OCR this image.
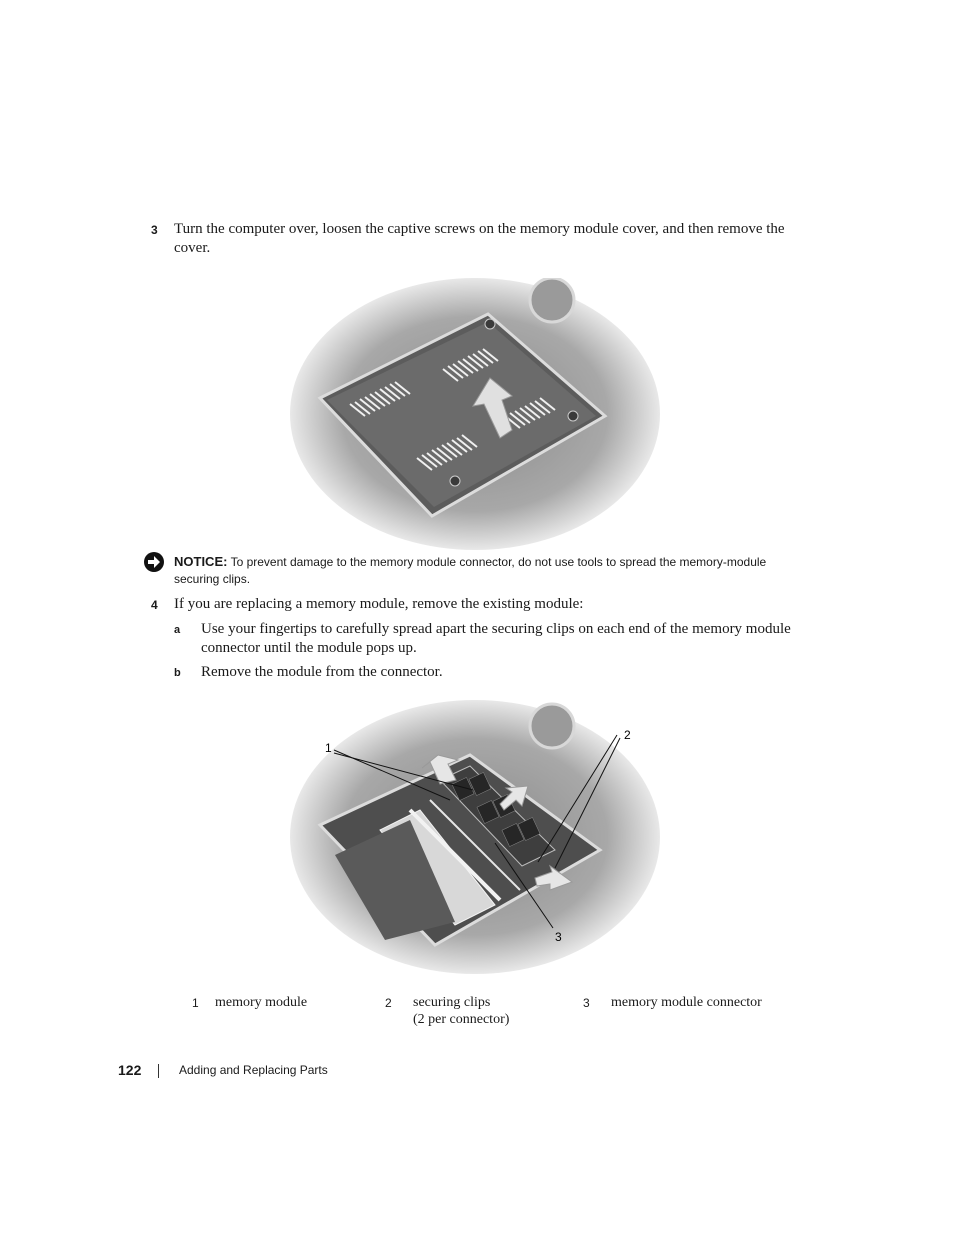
3 Turn the computer over, loosen the captive screws on the memory module cover, and then remove the cover.
NOTICE: To prevent damage to the memory module connector, do not use tools to spread the memory-module securing clips.
4 If you are replacing a memory module, remove the existing module:
a Use your fingertips to carefully spread apart the securing clips on each end of the memory module connector until the module pops up.
b Remove the module from the connector.
1
2
3
1 memory module	2 securing clips
(2 per connector)
3 memory module connector
122	Adding and Replacing Parts
